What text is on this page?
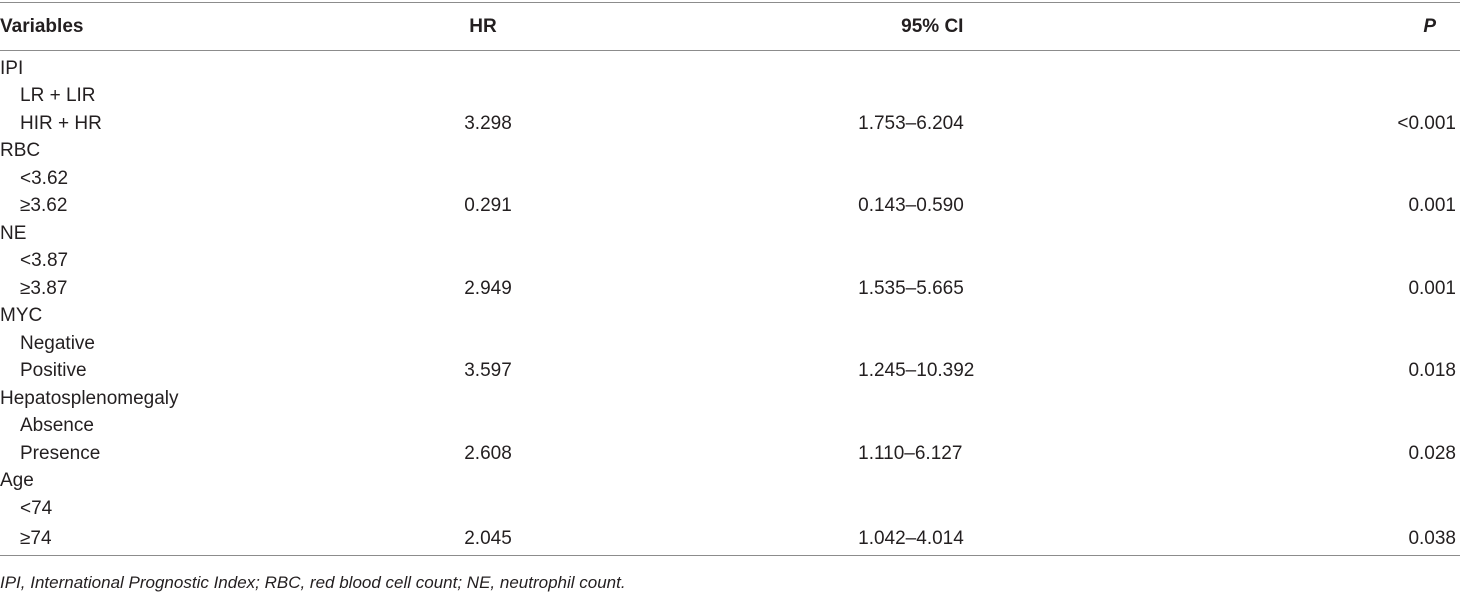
Variables	HR	95% CI	P
IPI			
LR + LIR			
HIR + HR	3.298	1.753–6.204	<0.001
RBC			
<3.62			
≥3.62	0.291	0.143–0.590	0.001
NE			
<3.87			
≥3.87	2.949	1.535–5.665	0.001
MYC			
Negative			
Positive	3.597	1.245–10.392	0.018
Hepatosplenomegaly			
Absence			
Presence	2.608	1.110–6.127	0.028
Age			
<74			
≥74	2.045	1.042–4.014	0.038
IPI, International Prognostic Index; RBC, red blood cell count; NE, neutrophil count.
